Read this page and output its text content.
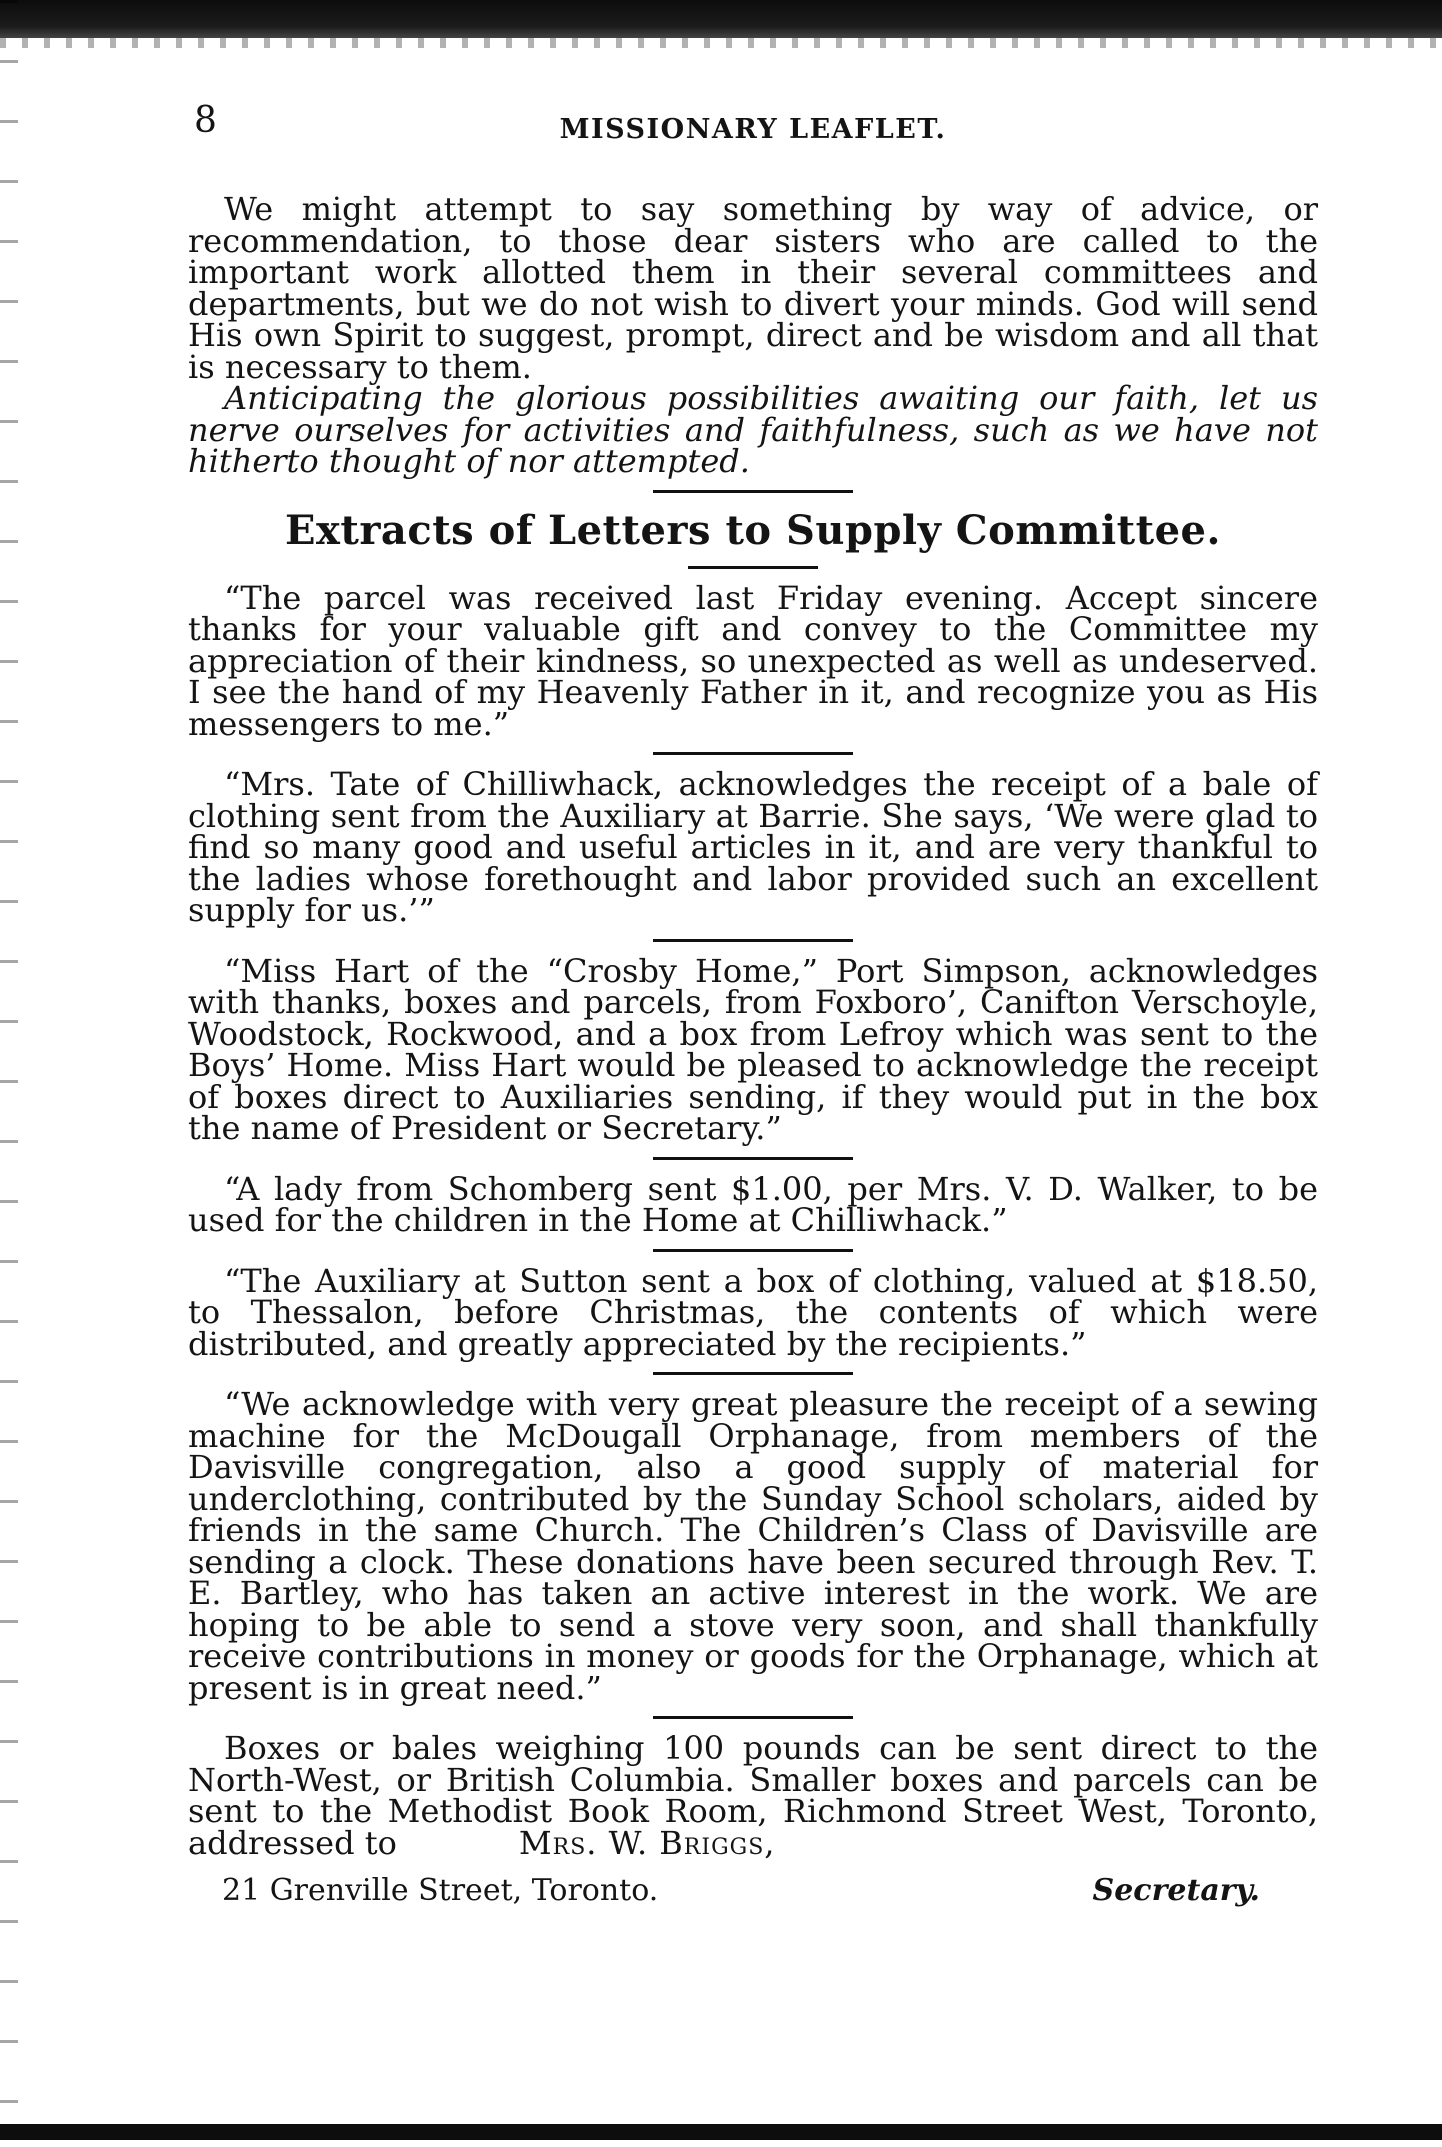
8	MISSIONARY LEAFLET.

We might attempt to say something by way of advice, or recommendation, to those dear sisters who are called to the important work allotted them in their several committees and departments, but we do not wish to divert your minds. God will send His own Spirit to suggest, prompt, direct and be wisdom and all that is necessary to them.

Anticipating the glorious possibilities awaiting our faith, let us nerve ourselves for activities and faithfulness, such as we have not hitherto thought of nor attempted.

Extracts of Letters to Supply Committee.

“The parcel was received last Friday evening. Accept sincere thanks for your valuable gift and convey to the Committee my appreciation of their kindness, so unexpected as well as undeserved. I see the hand of my Heavenly Father in it, and recognize you as His messengers to me.”

“Mrs. Tate of Chilliwhack, acknowledges the receipt of a bale of clothing sent from the Auxiliary at Barrie. She says, ‘We were glad to find so many good and useful articles in it, and are very thankful to the ladies whose forethought and labor provided such an excellent supply for us.’”

“Miss Hart of the “Crosby Home,” Port Simpson, acknowledges with thanks, boxes and parcels, from Foxboro’, Canifton Verschoyle, Woodstock, Rockwood, and a box from Lefroy which was sent to the Boys’ Home. Miss Hart would be pleased to acknowledge the receipt of boxes direct to Auxiliaries sending, if they would put in the box the name of President or Secretary.”

“A lady from Schomberg sent $1.00, per Mrs. V. D. Walker, to be used for the children in the Home at Chilliwhack.”

“The Auxiliary at Sutton sent a box of clothing, valued at $18.50, to Thessalon, before Christmas, the contents of which were distributed, and greatly appreciated by the recipients.”

“We acknowledge with very great pleasure the receipt of a sewing machine for the McDougall Orphanage, from members of the Davisville congregation, also a good supply of material for underclothing, contributed by the Sunday School scholars, aided by friends in the same Church. The Children’s Class of Davisville are sending a clock. These donations have been secured through Rev. T. E. Bartley, who has taken an active interest in the work. We are hoping to be able to send a stove very soon, and shall thankfully receive contributions in money or goods for the Orphanage, which at present is in great need.”

Boxes or bales weighing 100 pounds can be sent direct to the North-West, or British Columbia. Smaller boxes and parcels can be sent to the Methodist Book Room, Richmond Street West, Toronto, addressed to	Mrs. W. Briggs,

21 Grenville Street, Toronto.	Secretary.
